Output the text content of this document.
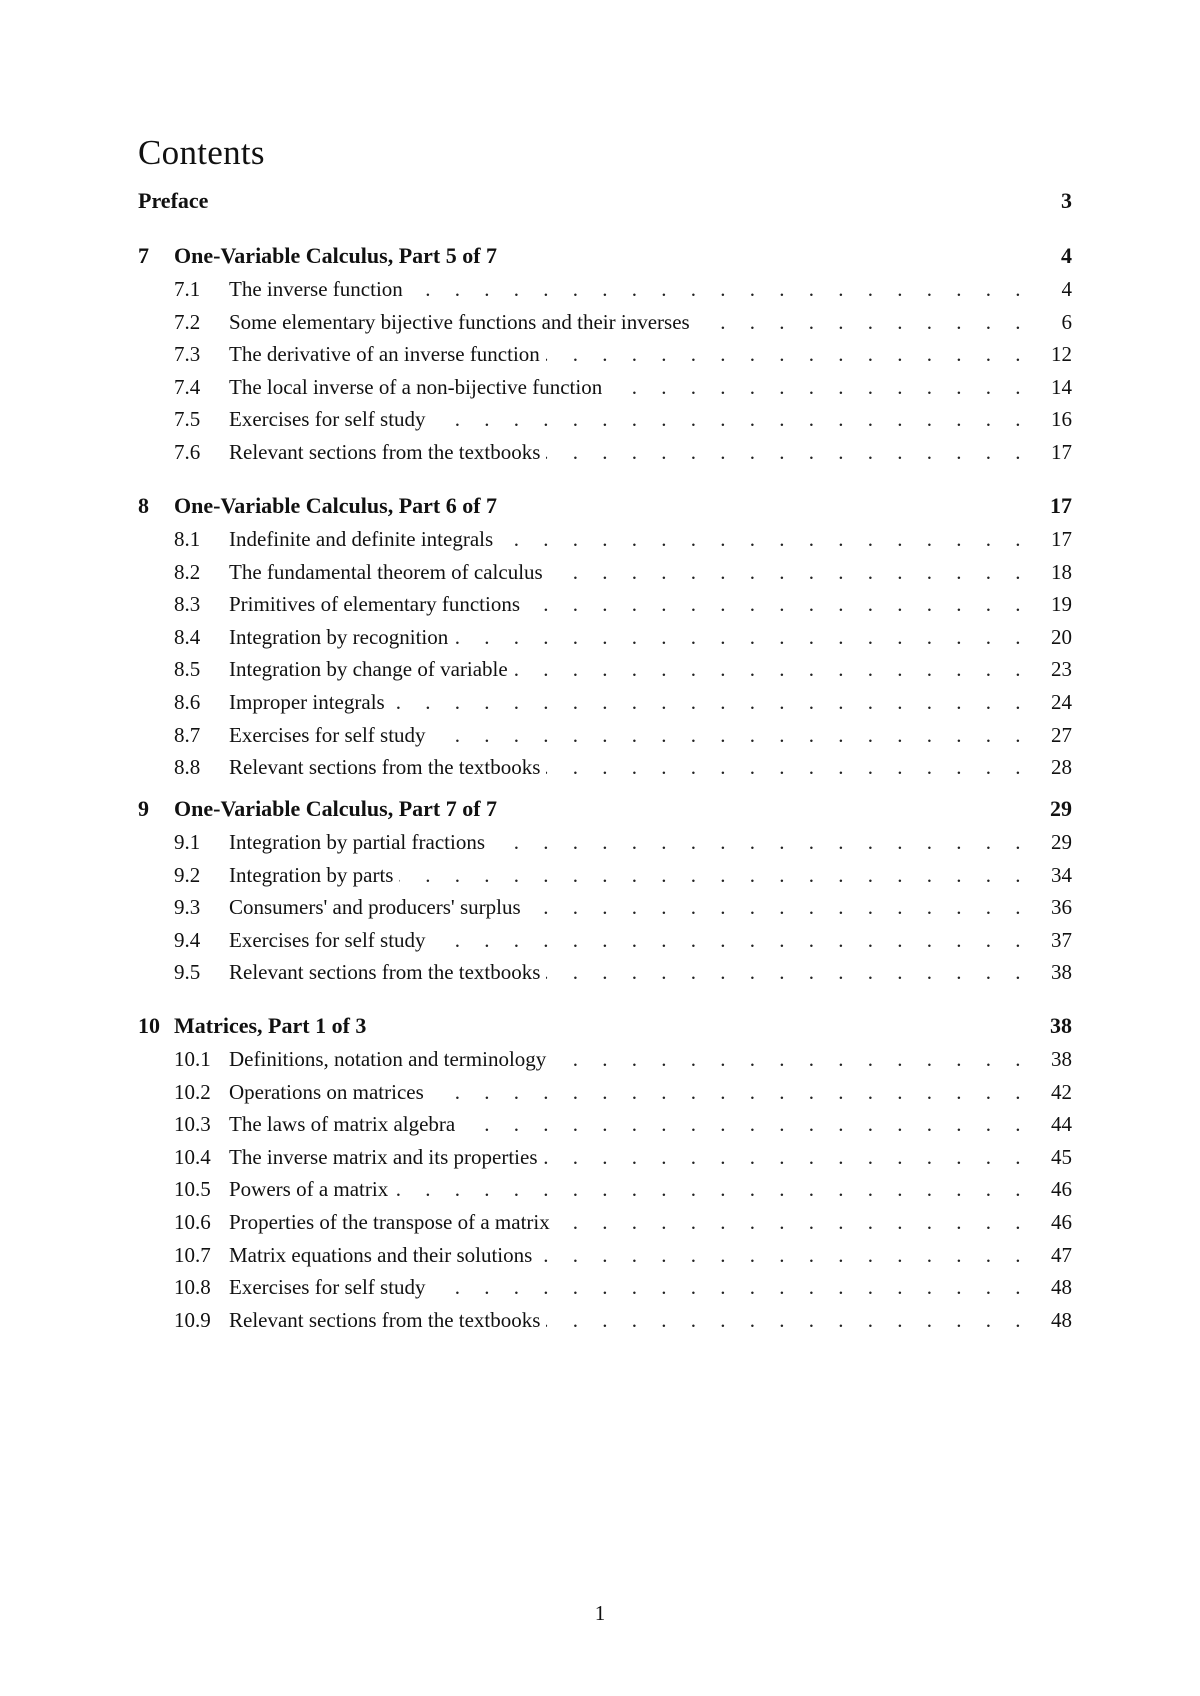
Contents
Preface	3
7	One-Variable Calculus, Part 5 of 7	4
7.1	The inverse function . . .	4
7.2	Some elementary bijective functions and their inverses . . .	6
7.3	The derivative of an inverse function . . .	12
7.4	The local inverse of a non-bijective function . . .	14
7.5	Exercises for self study . . .	16
7.6	Relevant sections from the textbooks . . .	17
8	One-Variable Calculus, Part 6 of 7	17
8.1	Indefinite and definite integrals . . .	17
8.2	The fundamental theorem of calculus . . .	18
8.3	Primitives of elementary functions . . .	19
8.4	Integration by recognition . . .	20
8.5	Integration by change of variable . . .	23
8.6	Improper integrals . . .	24
8.7	Exercises for self study . . .	27
8.8	Relevant sections from the textbooks . . .	28
9	One-Variable Calculus, Part 7 of 7	29
9.1	Integration by partial fractions . . .	29
9.2	Integration by parts . . .	34
9.3	Consumers' and producers' surplus . . .	36
9.4	Exercises for self study . . .	37
9.5	Relevant sections from the textbooks . . .	38
10 Matrices, Part 1 of 3	38
10.1 Definitions, notation and terminology . . .	38
10.2 Operations on matrices . . .	42
10.3 The laws of matrix algebra . . .	44
10.4 The inverse matrix and its properties . . .	45
10.5 Powers of a matrix . . .	46
10.6 Properties of the transpose of a matrix . . .	46
10.7 Matrix equations and their solutions . . .	47
10.8 Exercises for self study . . .	48
10.9 Relevant sections from the textbooks . . .	48
1
